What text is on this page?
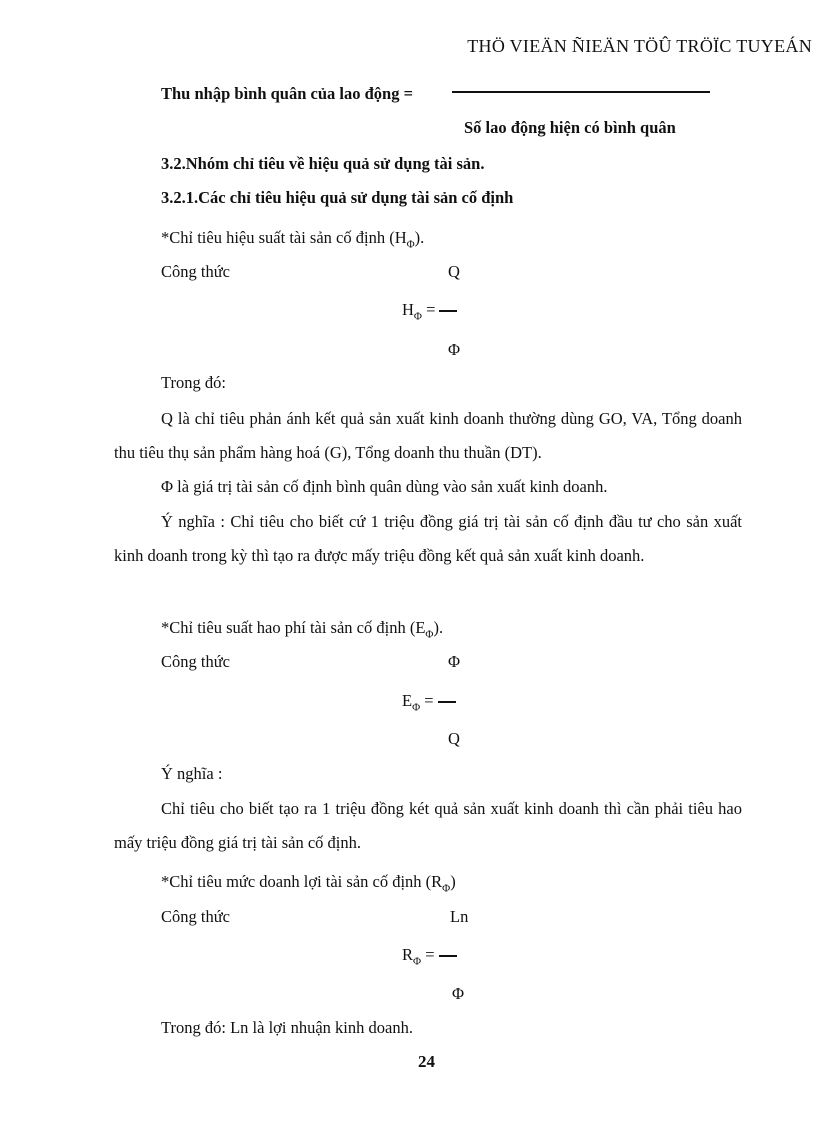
THÖ VIEÄN ÑIEÄN TÖÛ TRÖÏC TUYEÁN
Thu nhập bình quân của lao động =
Số lao động hiện có bình quân
3.2.Nhóm chỉ tiêu về hiệu quả sử dụng tài sản.
3.2.1.Các chỉ tiêu hiệu quả sử dụng tài sản cố định
*Chỉ tiêu hiệu suất tài sản cố định $(H_\Phi)$.
Công thức	Q
$H_\Phi$ =
Φ
Trong đó:
Q là chỉ tiêu phản ánh kết quả sản xuất kinh doanh thường dùng GO, VA, Tổng doanh thu tiêu thụ sản phẩm hàng hoá (G), Tổng doanh thu thuần (DT).
Φ là giá trị tài sản cố định bình quân dùng vào sản xuất kinh doanh.
Ý nghĩa : Chỉ tiêu cho biết cứ 1 triệu đồng giá trị tài sản cố định đầu tư cho sản xuất kinh doanh trong kỳ thì tạo ra được mấy triệu đồng kết quả sản xuất kinh doanh.
*Chỉ tiêu suất hao phí tài sản cố định $(E_\Phi)$.
Công thức	Φ
$E_\Phi$ =
Q
Ý nghĩa :
Chỉ tiêu cho biết tạo ra 1 triệu đồng két quả sản xuất kinh doanh thì cần phải tiêu hao mấy triệu đồng giá trị tài sản cố định.
*Chỉ tiêu mức doanh lợi tài sản cố định $(R_\Phi)$
Công thức	Ln
$R_\Phi$ =
Φ
Trong đó: Ln là lợi nhuận kinh doanh.
24
